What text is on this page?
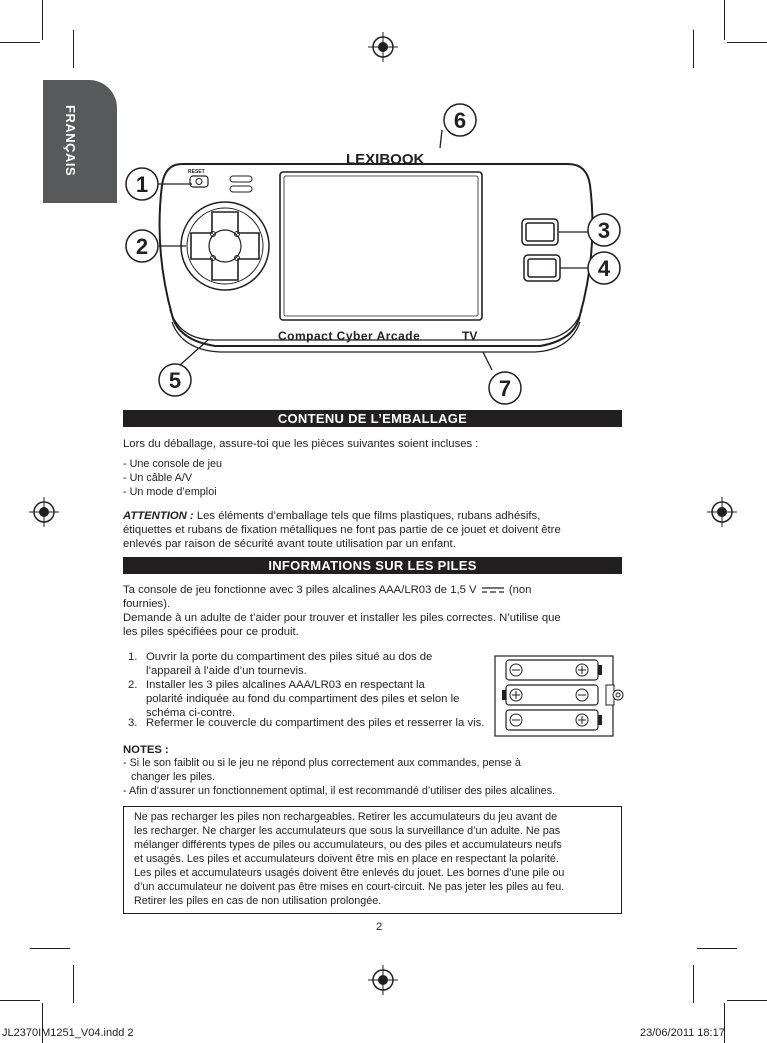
FRANÇAIS	LEXIBOOK
RESET
Compact Cyber Arcade	TV
1
2
3
4
5
6
7
CONTENU DE L’EMBALLAGE
Lors du déballage, assure-toi que les pièces suivantes soient incluses :
- Une console de jeu
- Un câble A/V
- Un mode d’emploi
ATTENTION : Les éléments d’emballage tels que films plastiques, rubans adhésifs,
étiquettes et rubans de fixation métalliques ne font pas partie de ce jouet et doivent être
enlevés par raison de sécurité avant toute utilisation par un enfant.
INFORMATIONS SUR LES PILES
Ta console de jeu fonctionne avec 3 piles alcalines AAA/LR03 de 1,5 V	(non
fournies).
Demande à un adulte de t’aider pour trouver et installer les piles correctes. N’utilise que
les piles spécifiées pour ce produit.
1. Ouvrir la porte du compartiment des piles situé au dos de
l’appareil à l’aide d’un tournevis.
2. Installer les 3 piles alcalines AAA/LR03 en respectant la
polarité indiquée au fond du compartiment des piles et selon le
schéma ci-contre.
3. Refermer le couvercle du compartiment des piles et resserrer la vis.
NOTES :
- Si le son faiblit ou si le jeu ne répond plus correctement aux commandes, pense à
changer les piles.
- Afin d’assurer un fonctionnement optimal, il est recommandé d’utiliser des piles alcalines.
Ne pas recharger les piles non rechargeables. Retirer les accumulateurs du jeu avant de
les recharger. Ne charger les accumulateurs que sous la surveillance d’un adulte. Ne pas
mélanger différents types de piles ou accumulateurs, ou des piles et accumulateurs neufs
et usagés. Les piles et accumulateurs doivent être mis en place en respectant la polarité.
Les piles et accumulateurs usagés doivent être enlevés du jouet. Les bornes d’une pile ou
d’un accumulateur ne doivent pas être mises en court-circuit. Ne pas jeter les piles au feu.
Retirer les piles en cas de non utilisation prolongée.
2
JL2370IM1251_V04.indd 2	23/06/2011 18:17
